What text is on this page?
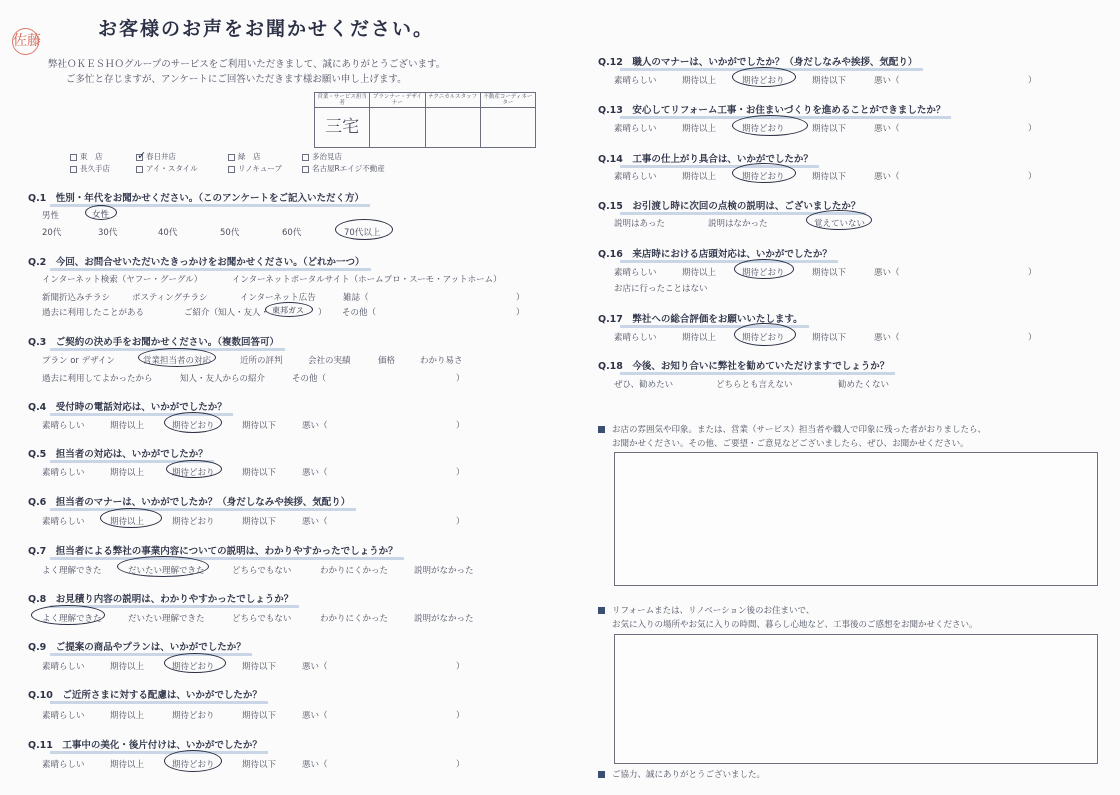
佐藤
お客様のお声をお聞かせください。
弊社ＯＫＥＳＨＯグループのサービスをご利用いただきまして、誠にありがとうございます。
ご多忙と存じますが、アンケートにご回答いただきます様お願い申し上げます。
営業・サービス担当者	プランナー・デザイナー	テクニカルスタッフ	不動産コーディネーター
三宅			
東　店	✓ 春日井店	緑　店	多治見店
長久手店	アイ・スタイル	リノキューブ	名古屋Rエイジ不動産
Q.1　性別・年代をお聞かせください。（このアンケートをご記入いただく方）
男性	女性
20代	30代	40代	50代	60代	70代以上
Q.2　今回、お問合せいただいたきっかけをお聞かせください。（どれか一つ）
インターネット検索（ヤフー・グーグル）	インターネットポータルサイト（ホームプロ・スーモ・アットホーム）
新聞折込みチラシ	ポスティングチラシ	インターネット広告	雑誌（	）
過去に利用したことがある	ご紹介（知人・友人・ 東邦ガス ） その他（	）
Q.3　ご契約の決め手をお聞かせください。（複数回答可）
プラン or デザイン	営業担当者の対応	近所の評判	会社の実績	価格	わかり易さ
過去に利用してよかったから	知人・友人からの紹介	その他（	）
Q.4　受付時の電話対応は、いかがでしたか？
素晴らしい	期待以上	期待どおり	期待以下	悪い（	）
Q.5　担当者の対応は、いかがでしたか？
素晴らしい	期待以上	期待どおり	期待以下	悪い（	）
Q.6　担当者のマナーは、いかがでしたか？（身だしなみや挨拶、気配り）
素晴らしい	期待以上	期待どおり	期待以下	悪い（	）
Q.7　担当者による弊社の事業内容についての説明は、わかりやすかったでしょうか？
よく理解できた	だいたい理解できた	どちらでもない	わかりにくかった	説明がなかった
Q.8　お見積り内容の説明は、わかりやすかったでしょうか？
よく理解できた	だいたい理解できた	どちらでもない	わかりにくかった	説明がなかった
Q.9　ご提案の商品やプランは、いかがでしたか？
素晴らしい	期待以上	期待どおり	期待以下	悪い（	）
Q.10　ご近所さまに対する配慮は、いかがでしたか？
素晴らしい	期待以上	期待どおり	期待以下	悪い（	）
Q.11　工事中の美化・後片付けは、いかがでしたか？
素晴らしい	期待以上	期待どおり	期待以下	悪い（	）
Q.12　職人のマナーは、いかがでしたか？（身だしなみや挨拶、気配り）
素晴らしい	期待以上	期待どおり	期待以下	悪い（	）
Q.13　安心してリフォーム工事・お住まいづくりを進めることができましたか？
素晴らしい	期待以上	期待どおり	期待以下	悪い（	）
Q.14　工事の仕上がり具合は、いかがでしたか？
素晴らしい	期待以上	期待どおり	期待以下	悪い（	）
Q.15　お引渡し時に次回の点検の説明は、ございましたか？
説明はあった	説明はなかった	覚えていない
Q.16　来店時における店頭対応は、いかがでしたか？
素晴らしい	期待以上	期待どおり	期待以下	悪い（	）
お店に行ったことはない
Q.17　弊社への総合評価をお願いいたします。
素晴らしい	期待以上	期待どおり	期待以下	悪い（	）
Q.18　今後、お知り合いに弊社を勧めていただけますでしょうか？
ぜひ、勧めたい	どちらとも言えない	勧めたくない
お店の雰囲気や印象。または、営業（サービス）担当者や職人で印象に残った者がおりましたら、
お聞かせください。その他、ご要望・ご意見などございましたら、ぜひ、お聞かせください。
リフォームまたは、リノベーション後のお住まいで、
お気に入りの場所やお気に入りの時間、暮らし心地など、工事後のご感想をお聞かせください。
ご協力、誠にありがとうございました。
